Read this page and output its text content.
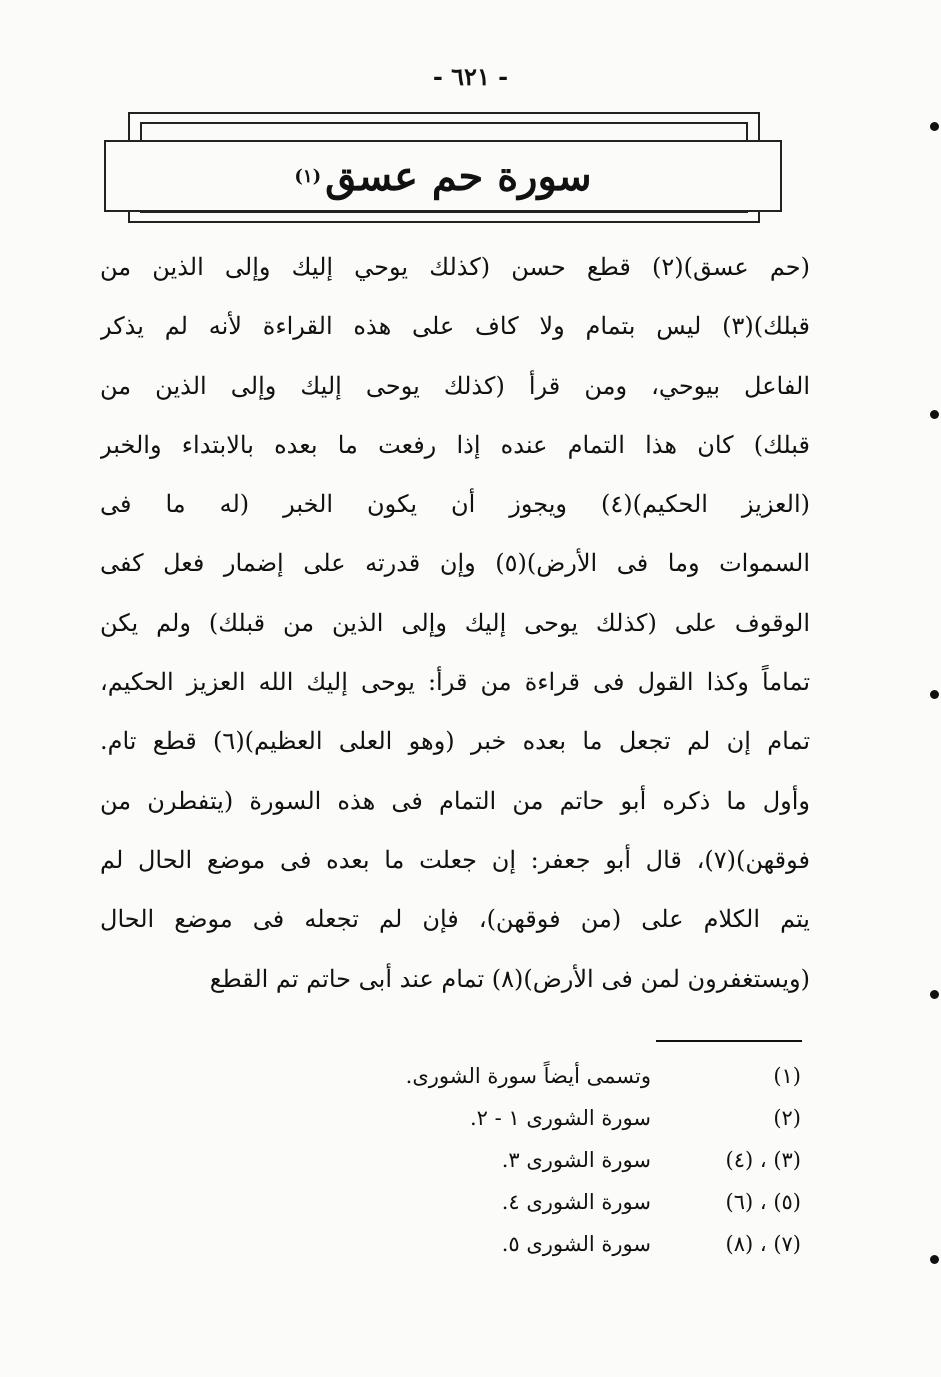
- ٦٢١ -
سورة حم عسق
(١)
(حم عسق)(٢) قطع حسن (كذلك يوحي إليك وإلى الذين من
قبلك)(٣) ليس بتمام ولا كاف على هذه القراءة لأنه لم يذكر
الفاعل بيوحي، ومن قرأ (كذلك يوحى إليك وإلى الذين من
قبلك) كان هذا التمام عنده إذا رفعت ما بعده بالابتداء والخبر
(العزيز الحكيم)(٤) ويجوز أن يكون الخبر (له ما فى
السموات وما فى الأرض)(٥) وإن قدرته على إضمار فعل كفى
الوقوف على (كذلك يوحى إليك وإلى الذين من قبلك) ولم يكن
تماماً وكذا القول فى قراءة من قرأ: يوحى إليك الله العزيز الحكيم،
تمام إن لم تجعل ما بعده خبر (وهو العلى العظيم)(٦) قطع تام.
وأول ما ذكره أبو حاتم من التمام فى هذه السورة (يتفطرن من
فوقهن)(٧)، قال أبو جعفر: إن جعلت ما بعده فى موضع الحال لم
يتم الكلام على (من فوقهن)، فإن لم تجعله فى موضع الحال
(ويستغفرون لمن فى الأرض)(٨) تمام عند أبى حاتم تم القطع
(١)وتسمى أيضاً سورة الشورى.
(٢)سورة الشورى ١ - ٢.
(٣) ، (٤)سورة الشورى ٣.
(٥) ، (٦)سورة الشورى ٤.
(٧) ، (٨)سورة الشورى ٥.
